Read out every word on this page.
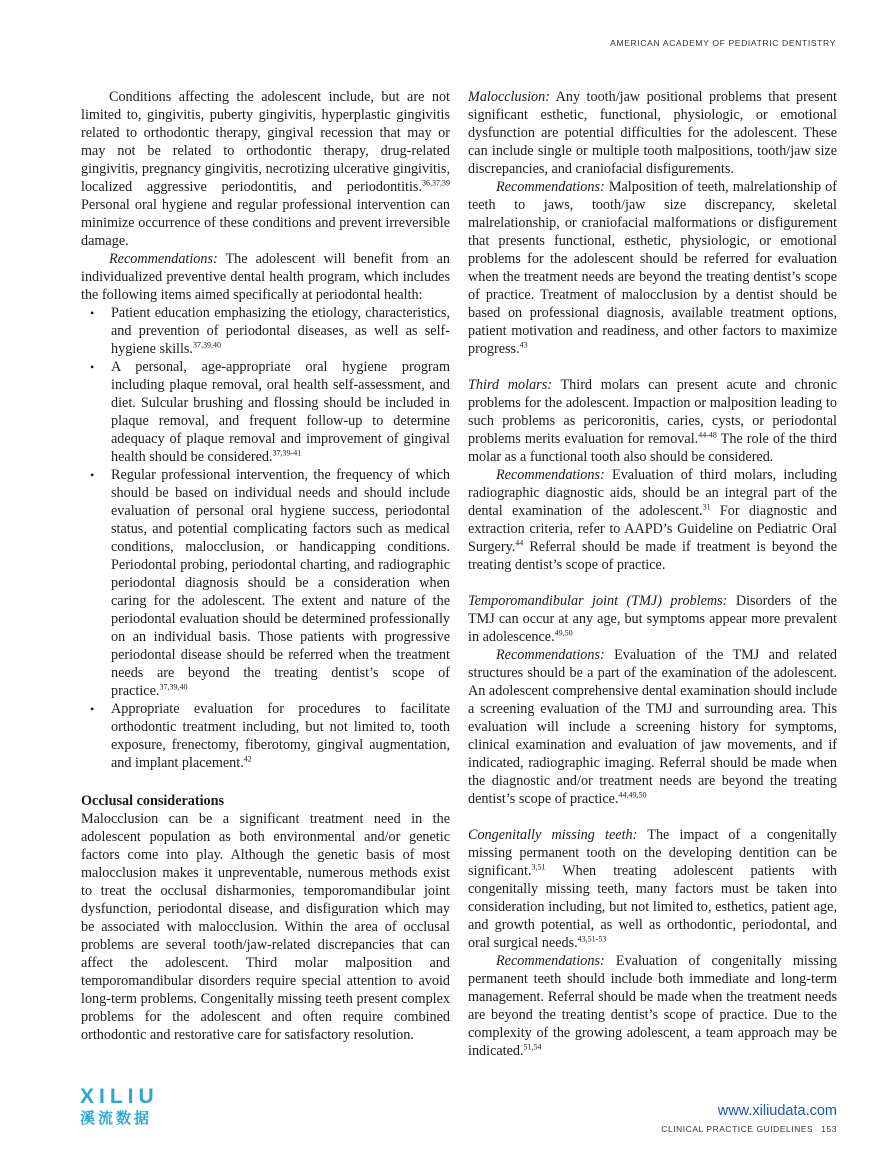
AMERICAN ACADEMY OF PEDIATRIC DENTISTRY

Conditions affecting the adolescent include, but are not limited to, gingivitis, puberty gingivitis, hyperplastic gingivitis related to orthodontic therapy, gingival recession that may or may not be related to orthodontic therapy, drug-related gingivitis, pregnancy gingivitis, necrotizing ulcerative gingivitis, localized aggressive periodontitis, and periodontitis.$^{36,37,39}$ Personal oral hygiene and regular professional intervention can minimize occurrence of these conditions and prevent irreversible damage.

Recommendations: The adolescent will benefit from an individualized preventive dental health program, which includes the following items aimed specifically at periodontal health:

• Patient education emphasizing the etiology, characteristics, and prevention of periodontal diseases, as well as self-hygiene skills.$^{37,39,40}$
• A personal, age-appropriate oral hygiene program including plaque removal, oral health self-assessment, and diet. Sulcular brushing and flossing should be included in plaque removal, and frequent follow-up to determine adequacy of plaque removal and improvement of gingival health should be considered.$^{37,39-41}$
• Regular professional intervention, the frequency of which should be based on individual needs and should include evaluation of personal oral hygiene success, periodontal status, and potential complicating factors such as medical conditions, malocclusion, or handicapping conditions. Periodontal probing, periodontal charting, and radiographic periodontal diagnosis should be a consideration when caring for the adolescent. The extent and nature of the periodontal evaluation should be determined professionally on an individual basis. Those patients with progressive periodontal disease should be referred when the treatment needs are beyond the treating dentist’s scope of practice.$^{37,39,40}$
• Appropriate evaluation for procedures to facilitate orthodontic treatment including, but not limited to, tooth exposure, frenectomy, fiberotomy, gingival augmentation, and implant placement.$^{42}$

Occlusal considerations

Malocclusion can be a significant treatment need in the adolescent population as both environmental and/or genetic factors come into play. Although the genetic basis of most malocclusion makes it unpreventable, numerous methods exist to treat the occlusal disharmonies, temporomandibular joint dysfunction, periodontal disease, and disfiguration which may be associated with malocclusion. Within the area of occlusal problems are several tooth/jaw-related discrepancies that can affect the adolescent. Third molar malposition and temporomandibular disorders require special attention to avoid long-term problems. Congenitally missing teeth present complex problems for the adolescent and often require combined orthodontic and restorative care for satisfactory resolution.

Malocclusion: Any tooth/jaw positional problems that present significant esthetic, functional, physiologic, or emotional dysfunction are potential difficulties for the adolescent. These can include single or multiple tooth malpositions, tooth/jaw size discrepancies, and craniofacial disfigurements.

Recommendations: Malposition of teeth, malrelationship of teeth to jaws, tooth/jaw size discrepancy, skeletal malrelationship, or craniofacial malformations or disfigurement that presents functional, esthetic, physiologic, or emotional problems for the adolescent should be referred for evaluation when the treatment needs are beyond the treating dentist’s scope of practice. Treatment of malocclusion by a dentist should be based on professional diagnosis, available treatment options, patient motivation and readiness, and other factors to maximize progress.$^{43}$

Third molars: Third molars can present acute and chronic problems for the adolescent. Impaction or malposition leading to such problems as pericoronitis, caries, cysts, or periodontal problems merits evaluation for removal.$^{44-48}$ The role of the third molar as a functional tooth also should be considered.

Recommendations: Evaluation of third molars, including radiographic diagnostic aids, should be an integral part of the dental examination of the adolescent.$^{31}$ For diagnostic and extraction criteria, refer to AAPD’s Guideline on Pediatric Oral Surgery.$^{44}$ Referral should be made if treatment is beyond the treating dentist’s scope of practice.

Temporomandibular joint (TMJ) problems: Disorders of the TMJ can occur at any age, but symptoms appear more prevalent in adolescence.$^{49,50}$

Recommendations: Evaluation of the TMJ and related structures should be a part of the examination of the adolescent. An adolescent comprehensive dental examination should include a screening evaluation of the TMJ and surrounding area. This evaluation will include a screening history for symptoms, clinical examination and evaluation of jaw movements, and if indicated, radiographic imaging. Referral should be made when the diagnostic and/or treatment needs are beyond the treating dentist’s scope of practice.$^{44,49,50}$

Congenitally missing teeth: The impact of a congenitally missing permanent tooth on the developing dentition can be significant.$^{3,51}$ When treating adolescent patients with congenitally missing teeth, many factors must be taken into consideration including, but not limited to, esthetics, patient age, and growth potential, as well as orthodontic, periodontal, and oral surgical needs.$^{43,51-53}$

Recommendations: Evaluation of congenitally missing permanent teeth should include both immediate and long-term management. Referral should be made when the treatment needs are beyond the treating dentist’s scope of practice. Due to the complexity of the growing adolescent, a team approach may be indicated.$^{51,54}$

XILIU
溪流数据	www.xiliudata.com
CLINICAL PRACTICE GUIDELINES 153
